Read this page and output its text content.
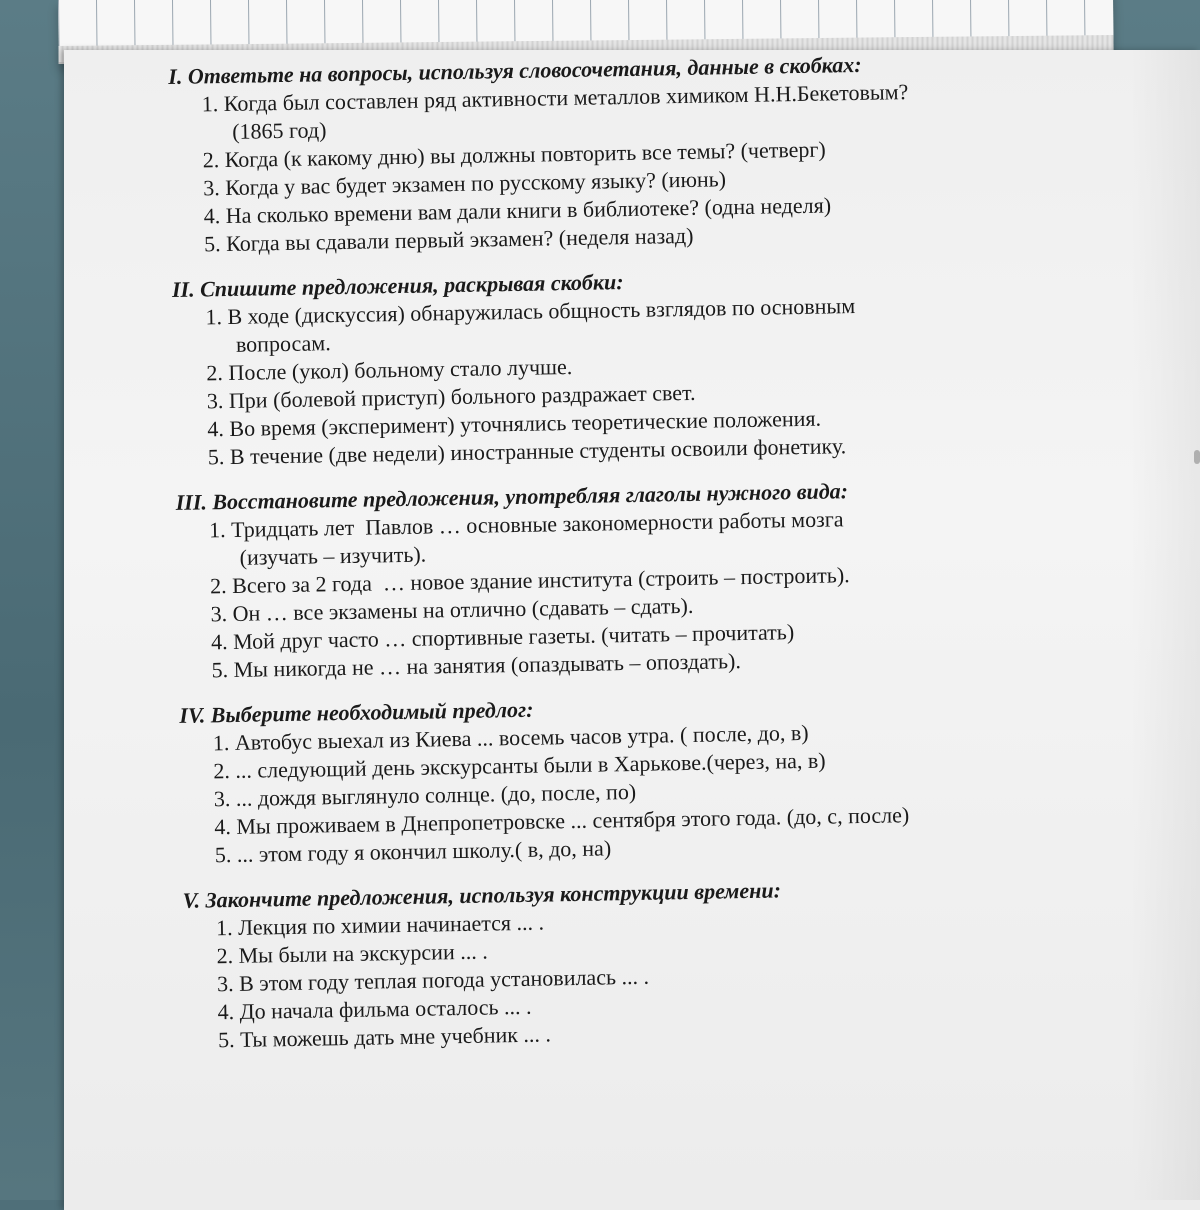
I. Ответьте на вопросы, используя словосочетания, данные в скобках:
1. Когда был составлен ряд активности металлов химиком Н.Н.Бекетовым?
(1865 год)
2. Когда (к какому дню) вы должны повторить все темы? (четверг)
3. Когда у вас будет экзамен по русскому языку? (июнь)
4. На сколько времени вам дали книги в библиотеке? (одна неделя)
5. Когда вы сдавали первый экзамен? (неделя назад)
II. Спишите предложения, раскрывая скобки:
1. В ходе (дискуссия) обнаружилась общность взглядов по основным
вопросам.
2. После (укол) больному стало лучше.
3. При (болевой приступ) больного раздражает свет.
4. Во время (эксперимент) уточнялись теоретические положения.
5. В течение (две недели) иностранные студенты освоили фонетику.
III. Восстановите предложения, употребляя глаголы нужного вида:
1. Тридцать лет  Павлов … основные закономерности работы мозга
(изучать – изучить).
2. Всего за 2 года  … новое здание института (строить – построить).
3. Он … все экзамены на отлично (сдавать – сдать).
4. Мой друг часто … спортивные газеты. (читать – прочитать)
5. Мы никогда не … на занятия (опаздывать – опоздать).
IV. Выберите необходимый предлог:
1. Автобус выехал из Киева ... восемь часов утра. ( после, до, в)
2. ... следующий день экскурсанты были в Харькове.(через, на, в)
3. ... дождя выглянуло солнце. (до, после, по)
4. Мы проживаем в Днепропетровске ... сентября этого года. (до, с, после)
5. ... этом году я окончил школу.( в, до, на)
V. Закончите предложения, используя конструкции времени:
1. Лекция по химии начинается ... .
2. Мы были на экскурсии ... .
3. В этом году теплая погода установилась ... .
4. До начала фильма осталось ... .
5. Ты можешь дать мне учебник ... .
